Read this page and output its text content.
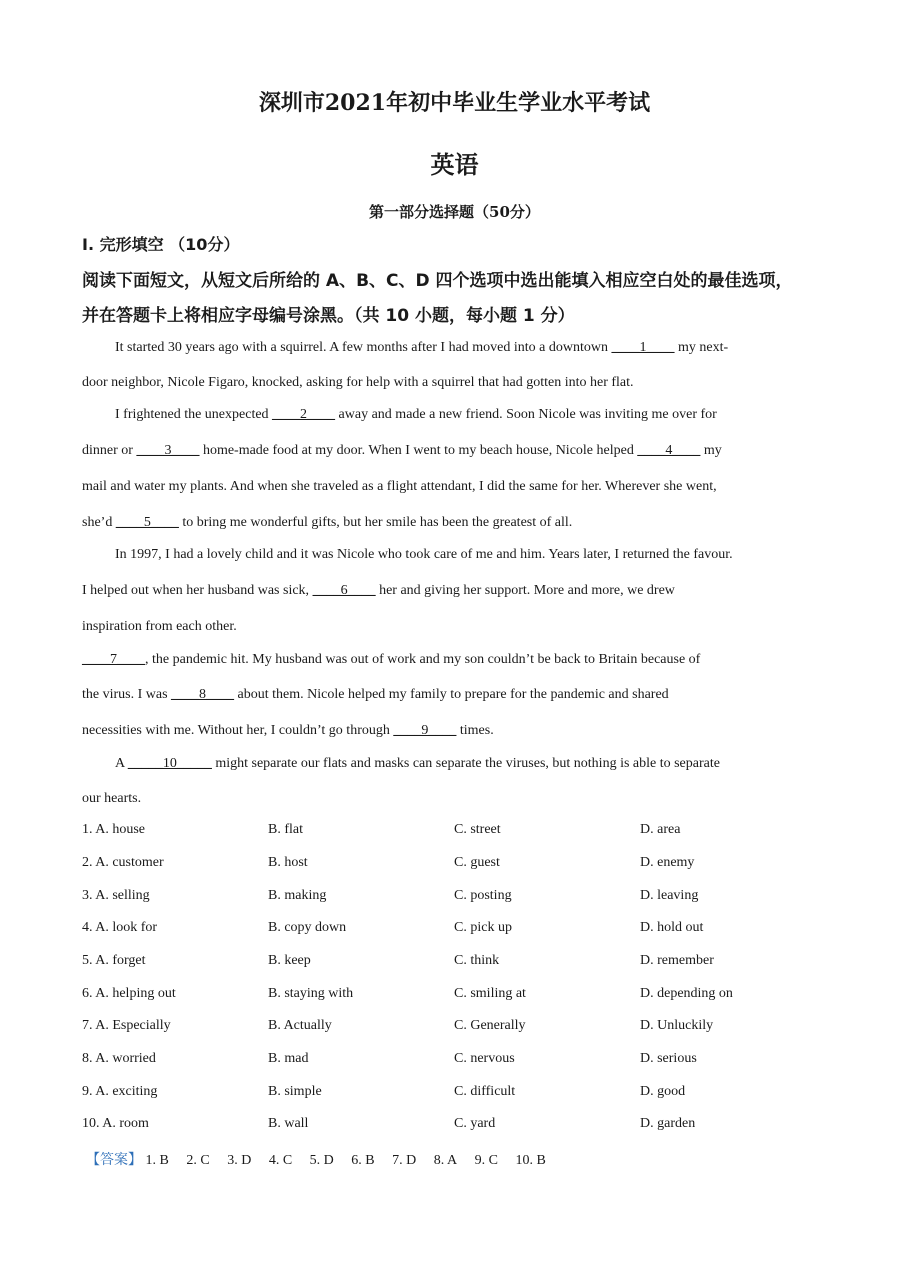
深圳市2021年初中毕业生学业水平考试
英语
第一部分选择题（50分）
I. 完形填空 （10分）
阅读下面短文，从短文后所给的 A、B、C、D 四个选项中选出能填入相应空白处的最佳选项，
并在答题卡上将相应字母编号涂黑。（共 10 小题，每小题 1 分）
It started 30 years ago with a squirrel. A few months after I had moved into a downtown ____1____ my next-
door neighbor, Nicole Figaro, knocked, asking for help with a squirrel that had gotten into her flat.
I frightened the unexpected ____2____ away and made a new friend. Soon Nicole was inviting me over for
dinner or ____3____ home-made food at my door. When I went to my beach house, Nicole helped ____4____ my
mail and water my plants. And when she traveled as a flight attendant, I did the same for her. Wherever she went,
she’d ____5____ to bring me wonderful gifts, but her smile has been the greatest of all.
In 1997, I had a lovely child and it was Nicole who took care of me and him. Years later, I returned the favour.
I helped out when her husband was sick, ____6____ her and giving her support. More and more, we drew
inspiration from each other.
____7____, the pandemic hit. My husband was out of work and my son couldn’t be back to Britain because of
the virus. I was ____8____ about them. Nicole helped my family to prepare for the pandemic and shared
necessities with me. Without her, I couldn’t go through ____9____ times.
A _____10_____ might separate our flats and masks can separate the viruses, but nothing is able to separate
our hearts.
1. A. house	B. flat	C. street	D. area
2. A. customer	B. host	C. guest	D. enemy
3. A. selling	B. making	C. posting	D. leaving
4. A. look for	B. copy down	C. pick up	D. hold out
5. A. forget	B. keep	C. think	D. remember
6. A. helping out	B. staying with	C. smiling at	D. depending on
7. A. Especially	B. Actually	C. Generally	D. Unluckily
8. A. worried	B. mad	C. nervous	D. serious
9. A. exciting	B. simple	C. difficult	D. good
10. A. room	B. wall	C. yard	D. garden
【答案】 1. B 2. C 3. D 4. C 5. D 6. B 7. D 8. A 9. C 10. B
